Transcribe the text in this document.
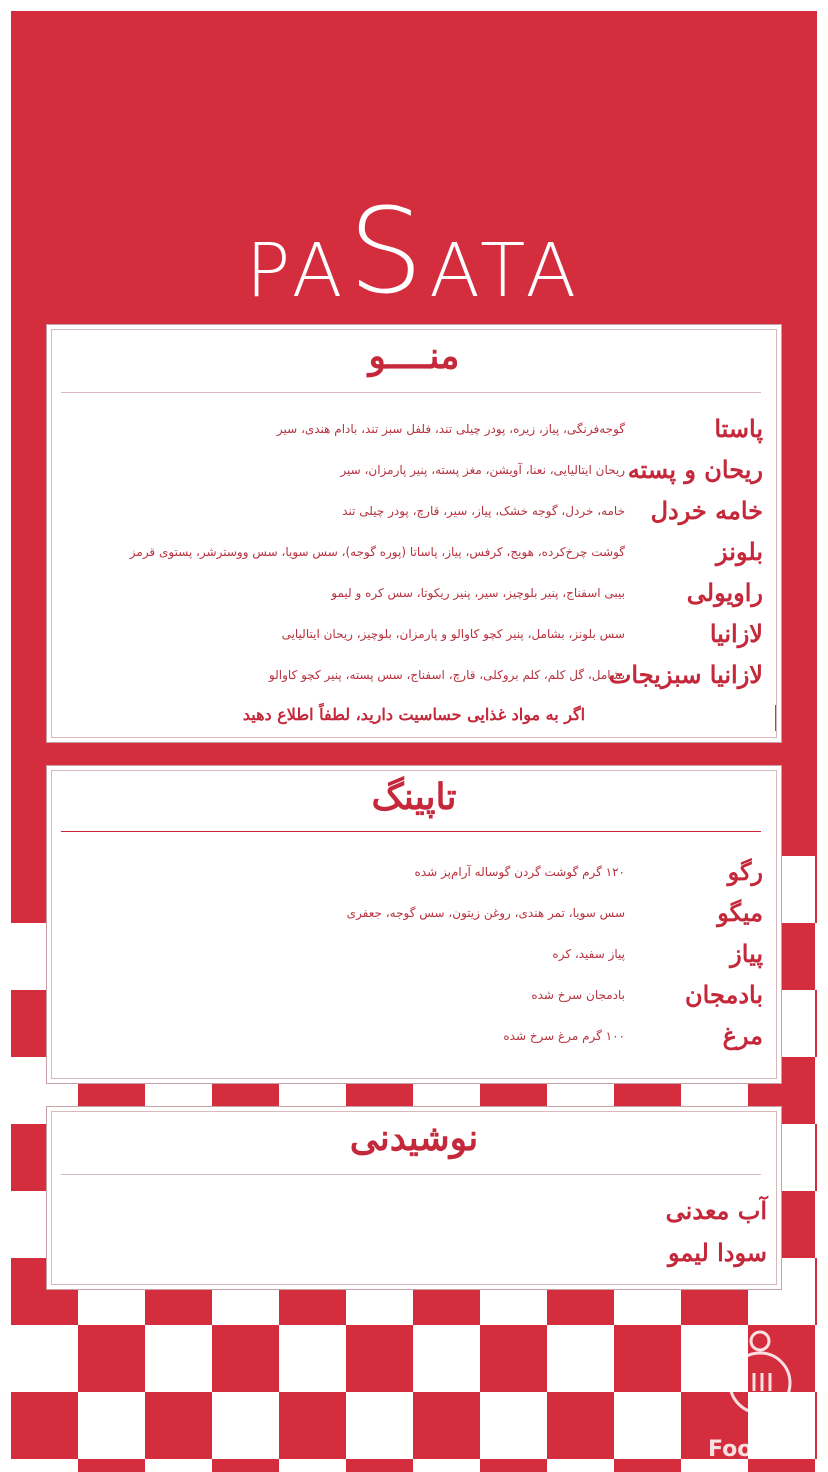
PASATA
منــــو
پاستا
گوجه‌فرنگی، پیاز، زیره، پودر چیلی تند، فلفل سبز تند، بادام هندی، سیر
ریحان و پسته
ریحان ایتالیایی، نعنا، آویشن، مغز پسته، پنیر پارمزان، سیر
خامه خردل
خامه، خردل، گوجه خشک، پیاز، سیر، قارچ، پودر چیلی تند
بلونز
گوشت چرخ‌کرده، هویج، کرفس، پیاز، پاساتا (پوره گوجه)، سس سویا، سس ووسترشر، پستوی قرمز
راویولی
بیبی اسفناج، پنیر بلوچیز، سیر، پنیر ریکوتا، سس کره و لیمو
لازانیا
سس بلونز، بشامل، پنیر کچو کاوالو و پارمزان، بلوچیز، ریحان ایتالیایی
لازانیا سبزیجات
بشامل، گل کلم، کلم بروکلی، قارچ، اسفناج، سس پسته، پنیر کچو کاوالو
اگر به مواد غذایی حساسیت دارید، لطفاً اطلاع دهید
تاپینگ
رگو
۱۲۰ گرم گوشت گردن گوساله آرام‌پز شده
میگو
سس سویا، تمر هندی، روغن زیتون، سس گوجه، جعفری
پیاز
پیاز سفید، کره
بادمجان
بادمجان سرخ شده
مرغ
۱۰۰ گرم مرغ سرخ شده
نوشیدنی
آب معدنی
سودا لیمو
Foo
